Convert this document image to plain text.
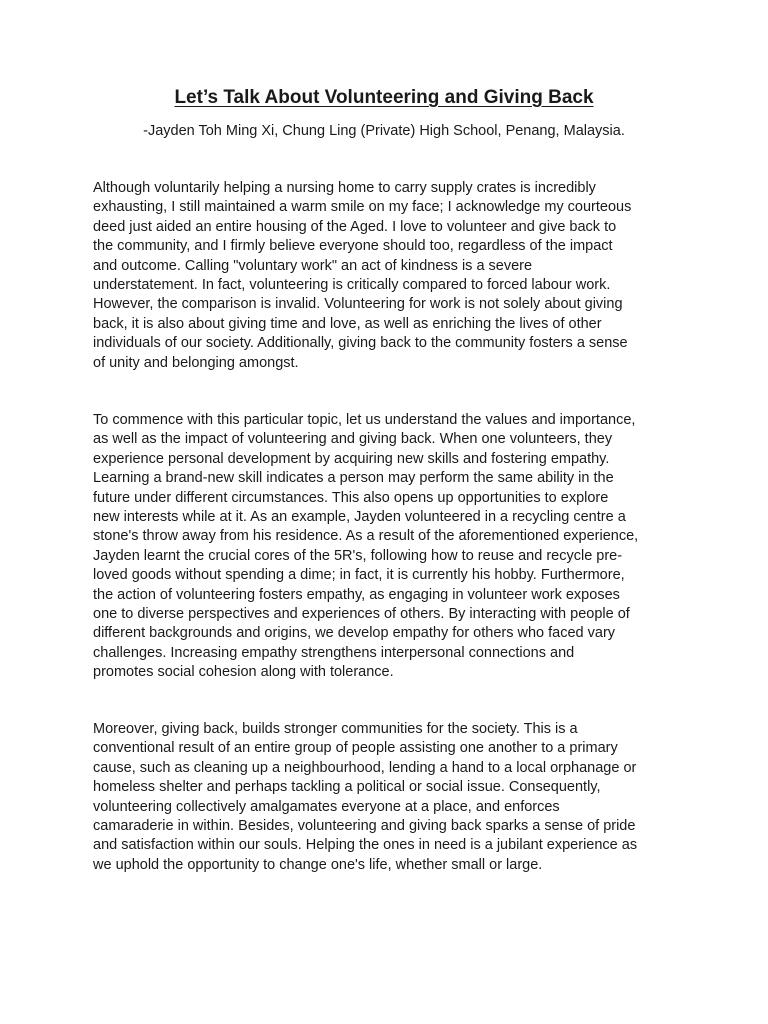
Let’s Talk About Volunteering and Giving Back

-Jayden Toh Ming Xi, Chung Ling (Private) High School, Penang, Malaysia.

Although voluntarily helping a nursing home to carry supply crates is incredibly
exhausting, I still maintained a warm smile on my face; I acknowledge my courteous
deed just aided an entire housing of the Aged. I love to volunteer and give back to
the community, and I firmly believe everyone should too, regardless of the impact
and outcome. Calling "voluntary work" an act of kindness is a severe
understatement. In fact, volunteering is critically compared to forced labour work.
However, the comparison is invalid. Volunteering for work is not solely about giving
back, it is also about giving time and love, as well as enriching the lives of other
individuals of our society. Additionally, giving back to the community fosters a sense
of unity and belonging amongst.

To commence with this particular topic, let us understand the values and importance,
as well as the impact of volunteering and giving back. When one volunteers, they
experience personal development by acquiring new skills and fostering empathy.
Learning a brand-new skill indicates a person may perform the same ability in the
future under different circumstances. This also opens up opportunities to explore
new interests while at it. As an example, Jayden volunteered in a recycling centre a
stone's throw away from his residence. As a result of the aforementioned experience,
Jayden learnt the crucial cores of the 5R's, following how to reuse and recycle pre-
loved goods without spending a dime; in fact, it is currently his hobby. Furthermore,
the action of volunteering fosters empathy, as engaging in volunteer work exposes
one to diverse perspectives and experiences of others. By interacting with people of
different backgrounds and origins, we develop empathy for others who faced vary
challenges. Increasing empathy strengthens interpersonal connections and
promotes social cohesion along with tolerance.

Moreover, giving back, builds stronger communities for the society. This is a
conventional result of an entire group of people assisting one another to a primary
cause, such as cleaning up a neighbourhood, lending a hand to a local orphanage or
homeless shelter and perhaps tackling a political or social issue. Consequently,
volunteering collectively amalgamates everyone at a place, and enforces
camaraderie in within. Besides, volunteering and giving back sparks a sense of pride
and satisfaction within our souls. Helping the ones in need is a jubilant experience as
we uphold the opportunity to change one's life, whether small or large.
